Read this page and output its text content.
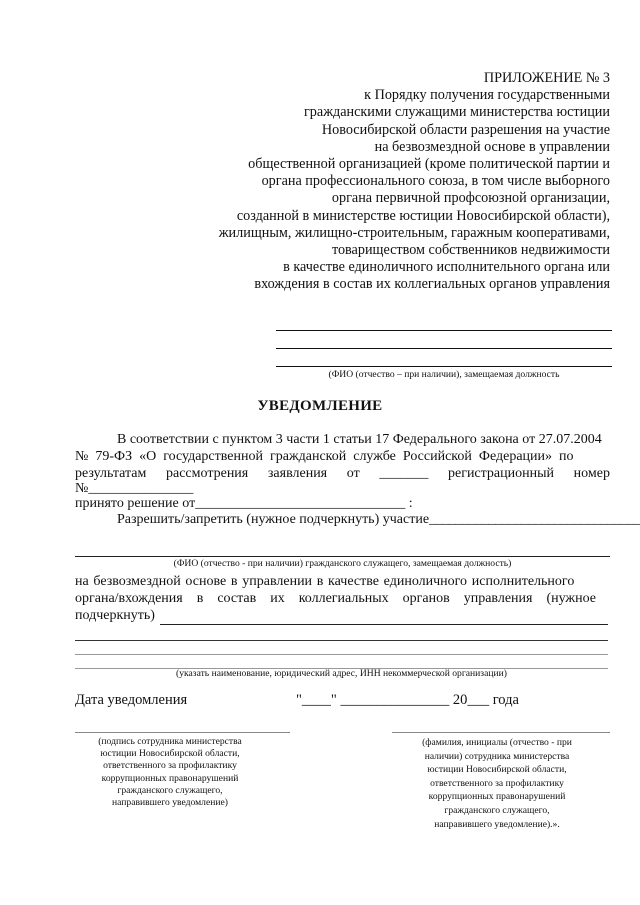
ПРИЛОЖЕНИЕ № 3
к Порядку получения государственными
гражданскими служащими министерства юстиции
Новосибирской области разрешения на участие
на безвозмездной основе в управлении
общественной организацией (кроме политической партии и
органа профессионального союза, в том числе выборного
органа первичной профсоюзной организации,
созданной в министерстве юстиции Новосибирской области),
жилищным, жилищно-строительным, гаражным кооперативами,
товариществом собственников недвижимости
в качестве единоличного исполнительного органа или
вхождения в состав их коллегиальных органов управления
(ФИО (отчество – при наличии), замещаемая должность
УВЕДОМЛЕНИЕ
В соответствии с пунктом 3 части 1 статьи 17 Федерального закона от 27.07.2004
№ 79-ФЗ «О государственной гражданской службе Российской Федерации» по
результатам рассмотрения заявления от _______ регистрационный номер
№_______________
принято решение от______________________________ :
Разрешить/запретить (нужное подчеркнуть) участие________________________________
(ФИО (отчество - при наличии) гражданского служащего, замещаемая должность)
на безвозмездной основе в управлении в качестве единоличного исполнительного
органа/вхождения в состав их коллегиальных органов управления (нужное
подчеркнуть)
(указать наименование, юридический адрес, ИНН некоммерческой организации)
Дата уведомления	"____" _______________ 20___ года
(подпись сотрудника министерства
юстиции Новосибирской области,
ответственного за профилактику
коррупционных правонарушений
гражданского служащего,
направившего уведомление)
(фамилия, инициалы (отчество - при
наличии) сотрудника министерства
юстиции Новосибирской области,
ответственного за профилактику
коррупционных правонарушений
гражданского служащего,
направившего уведомление).».
